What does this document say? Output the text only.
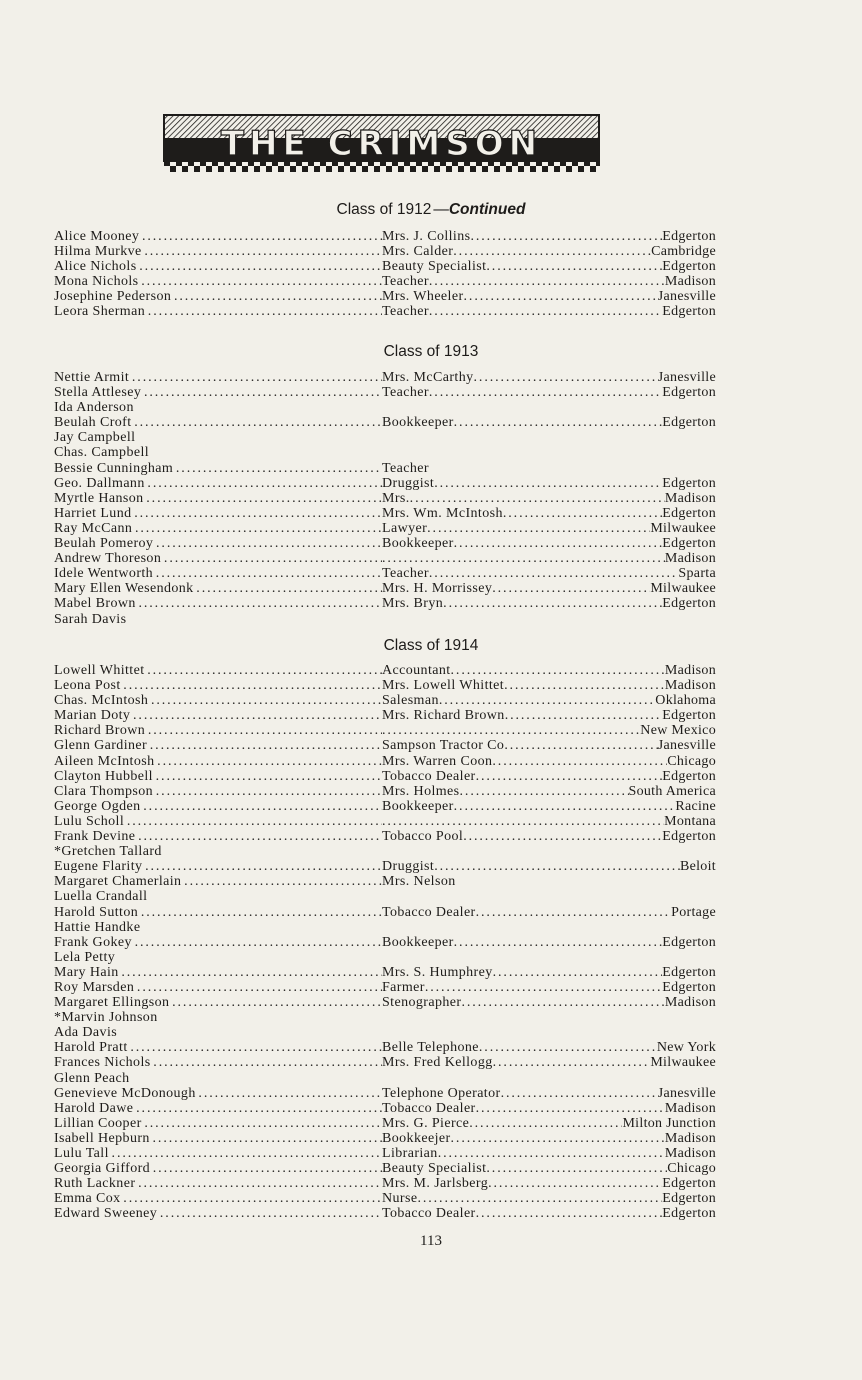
THE CRIMSON
Class of 1912 —Continued
Alice Mooney . . .	Mrs. J. Collins . . .	Edgerton
Hilma Murkve . . .	Mrs. Calder . . .	Cambridge
Alice Nichols . . .	Beauty Specialist . . .	Edgerton
Mona Nichols . . .	Teacher . . .	Madison
Josephine Pederson . . .	Mrs. Wheeler . . .	Janesville
Leora Sherman . . .	Teacher . . .	Edgerton
Class of 1913
Nettie Armit . . .	Mrs. McCarthy . . .	Janesville
Stella Attlesey . . .	Teacher . . .	Edgerton
Ida Anderson
Beulah Croft . . .	Bookkeeper . . .	Edgerton
Jay Campbell
Chas. Campbell
Bessie Cunningham . . .	Teacher
Geo. Dallmann . . .	Druggist . . .	Edgerton
Myrtle Hanson . . .	Mrs. . . .	Madison
Harriet Lund . . .	Mrs. Wm. McIntosh . . .	Edgerton
Ray McCann . . .	Lawyer . . .	Milwaukee
Beulah Pomeroy . . .	Bookkeeper . . .	Edgerton
Andrew Thoreson . . . . . .	Madison
Idele Wentworth . . .	Teacher . . .	Sparta
Mary Ellen Wesendonk . . .	Mrs. H. Morrissey . . .	Milwaukee
Mabel Brown . . .	Mrs. Bryn . . .	Edgerton
Sarah Davis
Class of 1914
Lowell Whittet . . .	Accountant . . .	Madison
Leona Post . . .	Mrs. Lowell Whittet . . .	Madison
Chas. McIntosh . . .	Salesman . . .	Oklahoma
Marian Doty . . .	Mrs. Richard Brown . . .	Edgerton
Richard Brown . . . . . .	New Mexico
Glenn Gardiner . . .	Sampson Tractor Co . . .	Janesville
Aileen McIntosh . . .	Mrs. Warren Coon . . .	Chicago
Clayton Hubbell . . .	Tobacco Dealer . . .	Edgerton
Clara Thompson . . .	Mrs. Holmes . . .	South America
George Ogden . . .	Bookkeeper . . .	Racine
Lulu Scholl . . . . . .	Montana
Frank Devine . . .	Tobacco Pool . . .	Edgerton
*Gretchen Tallard
Eugene Flarity . . .	Druggist . . .	Beloit
Margaret Chamerlain . . .	Mrs. Nelson
Luella Crandall
Harold Sutton . . .	Tobacco Dealer . . .	Portage
Hattie Handke
Frank Gokey . . .	Bookkeeper . . .	Edgerton
Lela Petty
Mary Hain . . .	Mrs. S. Humphrey . . .	Edgerton
Roy Marsden . . .	Farmer . . .	Edgerton
Margaret Ellingson . . .	Stenographer . . .	Madison
*Marvin Johnson
Ada Davis
Harold Pratt . . .	Belle Telephone . . .	New York
Frances Nichols . . .	Mrs. Fred Kellogg . . .	Milwaukee
Glenn Peach
Genevieve McDonough . . .	Telephone Operator . . .	Janesville
Harold Dawe . . .	Tobacco Dealer . . .	Madison
Lillian Cooper . . .	Mrs. G. Pierce . . .	Milton Junction
Isabell Hepburn . . .	Bookkeejer . . .	Madison
Lulu Tall . . .	Librarian . . .	Madison
Georgia Gifford . . .	Beauty Specialist . . .	Chicago
Ruth Lackner . . .	Mrs. M. Jarlsberg . . .	Edgerton
Emma Cox . . .	Nurse . . .	Edgerton
Edward Sweeney . . .	Tobacco Dealer . . .	Edgerton
113
